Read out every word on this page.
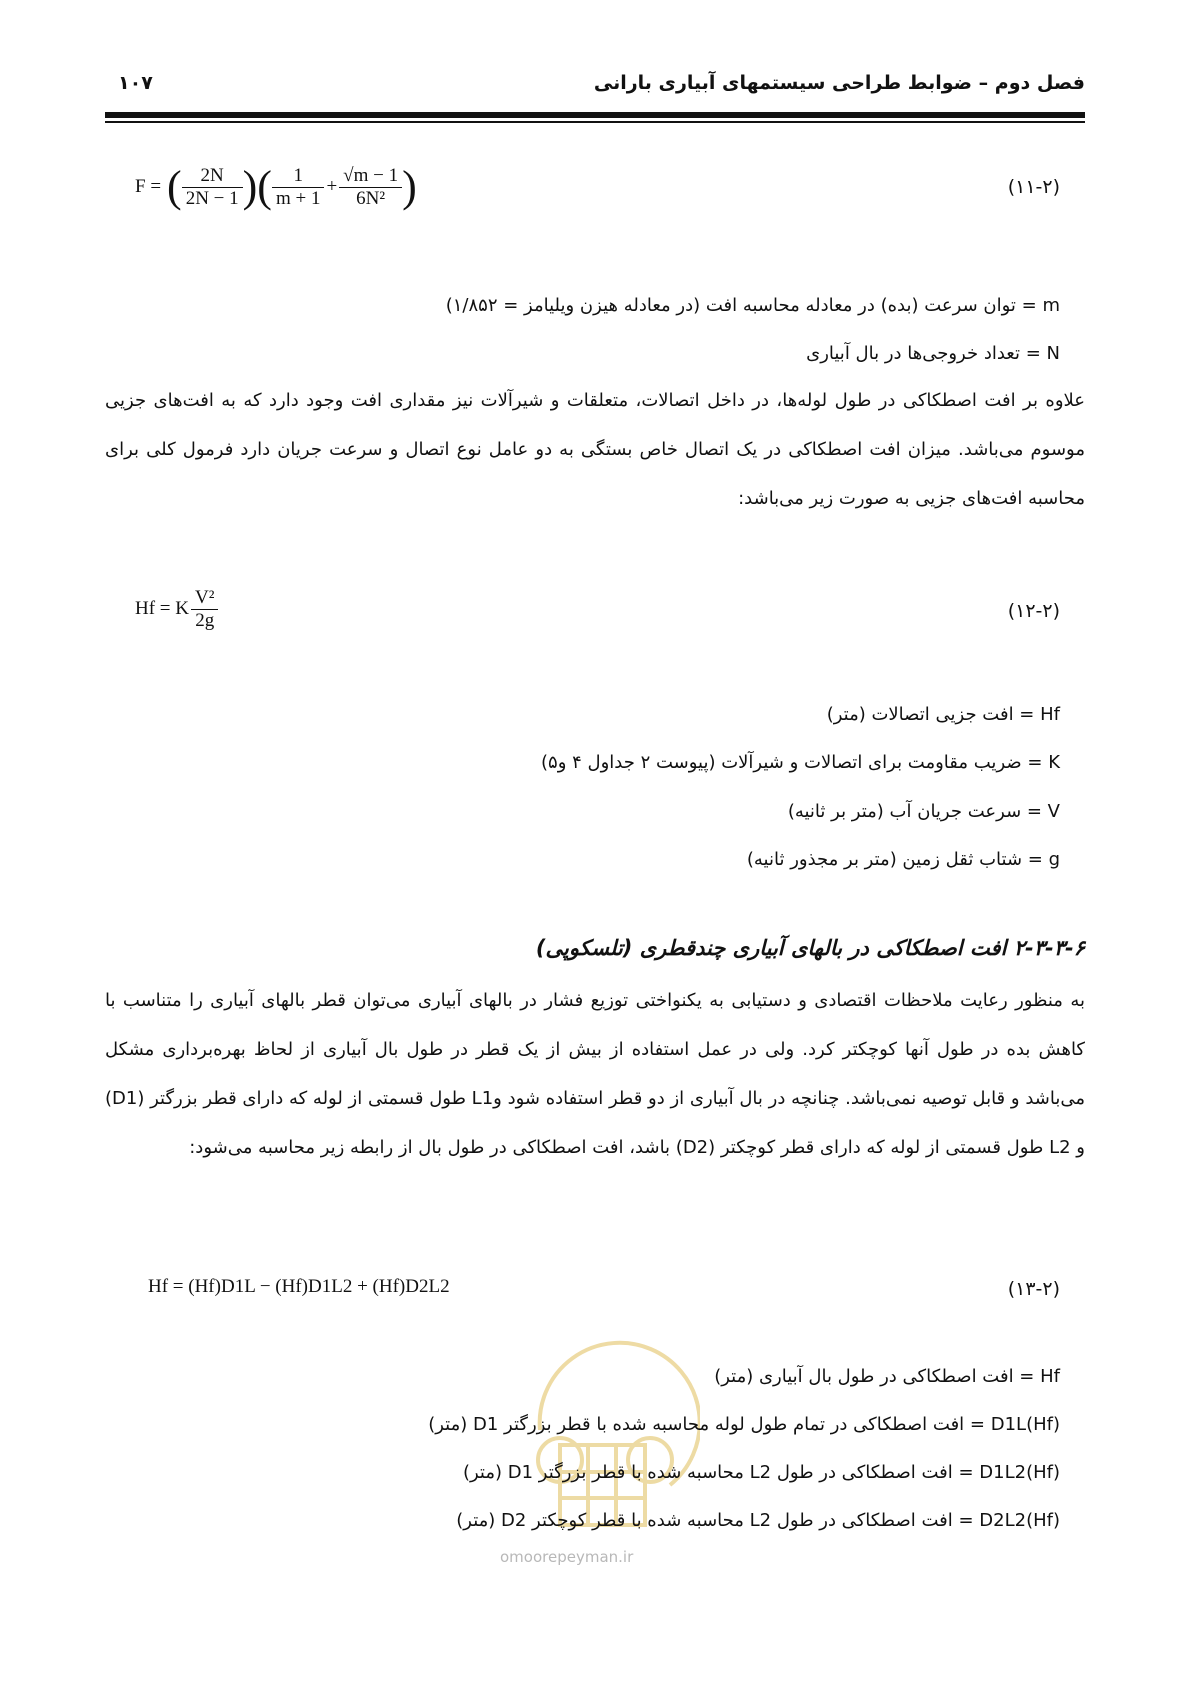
فصل دوم – ضوابط طراحی سیستمهای آبیاری بارانی
۱۰۷
F = ( $\frac{2N}{2N - 1}$ )( $\frac{1}{m + 1} + \frac{√m - 1}{\text{6N²}}$ )	(۱۱-۲)
m = توان سرعت (بده) در معادله محاسبه افت (در معادله هیزن ویلیامز = ۱/۸۵۲)
N = تعداد خروجی‌ها در بال آبیاری
علاوه بر افت اصطکاکی در طول لوله‌ها، در داخل اتصالات، متعلقات و شیرآلات نیز مقداری افت وجود دارد که به افت‌های جزیی موسوم می‌باشد. میزان افت اصطکاکی در یک اتصال خاص بستگی به دو عامل نوع اتصال و سرعت جریان دارد فرمول کلی برای محاسبه افت‌های جزیی به صورت زیر می‌باشد:
Hf = K $\frac{\text{V²}}{2g}$	(۱۲-۲)
Hf = افت جزیی اتصالات (متر)
K = ضریب مقاومت برای اتصالات و شیرآلات (پیوست ۲ جداول ۴ و۵)
V = سرعت جریان آب (متر بر ثانیه)
g = شتاب ثقل زمین (متر بر مجذور ثانیه)
۲-۳-۳-۶ افت اصطکاکی در بالهای آبیاری چندقطری (تلسکوپی)
به منظور رعایت ملاحظات اقتصادی و دستیابی به یکنواختی توزیع فشار در بالهای آبیاری می‌توان قطر بالهای آبیاری را متناسب با کاهش بده در طول آنها کوچکتر کرد. ولی در عمل استفاده از بیش از یک قطر در طول بال آبیاری از لحاظ بهره‌برداری مشکل می‌باشد و قابل توصیه نمی‌باشد. چنانچه در بال آبیاری از دو قطر استفاده شود وL1 طول قسمتی از لوله که دارای قطر بزرگتر (D1) و L2 طول قسمتی از لوله که دارای قطر کوچکتر (D2) باشد، افت اصطکاکی در طول بال از رابطه زیر محاسبه می‌شود:
Hf = (Hf)D1L − (Hf)D1L2 + (Hf)D2L2	(۱۳-۲)
omoorepeyman.ir
Hf = افت اصطکاکی در طول بال آبیاری (متر)
(Hf)D1L = افت اصطکاکی در تمام طول لوله محاسبه شده با قطر بزرگتر D1 (متر)
(Hf)D1L2 = افت اصطکاکی در طول L2 محاسبه شده با قطر بزرگتر D1 (متر)
(Hf)D2L2 = افت اصطکاکی در طول L2 محاسبه شده با قطر کوچکتر D2 (متر)
